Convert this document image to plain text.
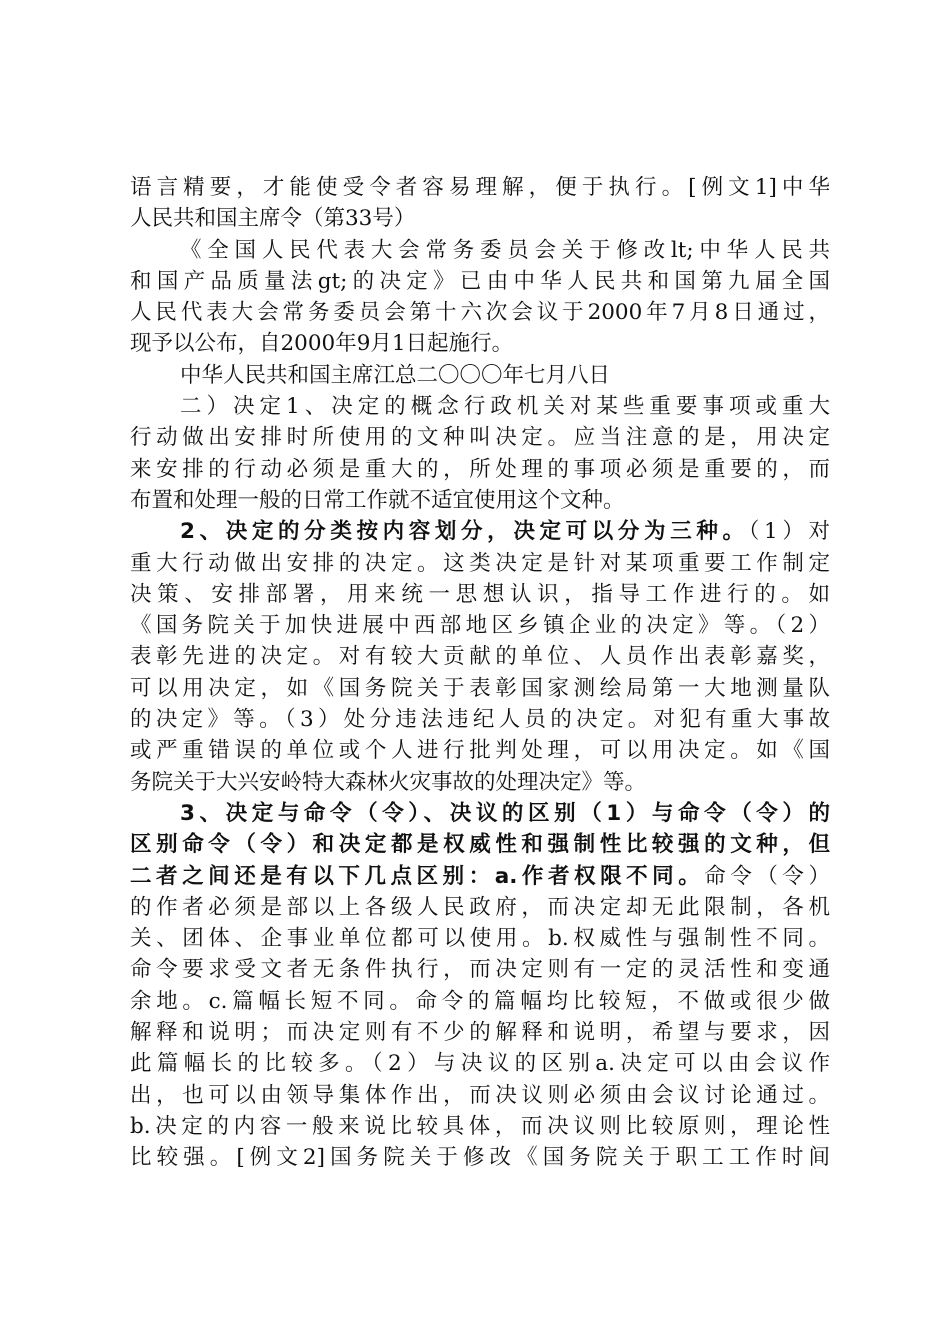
语言精要，才能使受令者容易理解，便于执行。[例文1]中华
人民共和国主席令（第33号）
《全国人民代表大会常务委员会关于修改lt;中华人民共
和国产品质量法gt;的决定》已由中华人民共和国第九届全国
人民代表大会常务委员会第十六次会议于2000年7月8日通过，
现予以公布，自2000年9月1日起施行。
中华人民共和国主席江总二〇〇〇年七月八日
二）决定1、决定的概念行政机关对某些重要事项或重大
行动做出安排时所使用的文种叫决定。应当注意的是，用决定
来安排的行动必须是重大的，所处理的事项必须是重要的，而
布置和处理一般的日常工作就不适宜使用这个文种。
2、决定的分类按内容划分，决定可以分为三种。（1）对
重大行动做出安排的决定。这类决定是针对某项重要工作制定
决策、安排部署，用来统一思想认识，指导工作进行的。如
《国务院关于加快进展中西部地区乡镇企业的决定》等。（2）
表彰先进的决定。对有较大贡献的单位、人员作出表彰嘉奖，
可以用决定，如《国务院关于表彰国家测绘局第一大地测量队
的决定》等。（3）处分违法违纪人员的决定。对犯有重大事故
或严重错误的单位或个人进行批判处理，可以用决定。如《国
务院关于大兴安岭特大森林火灾事故的处理决定》等。
3、决定与命令（令）、决议的区别（1）与命令（令）的
区别命令（令）和决定都是权威性和强制性比较强的文种，但
二者之间还是有以下几点区别：a.作者权限不同。命令（令）
的作者必须是部以上各级人民政府，而决定却无此限制，各机
关、团体、企事业单位都可以使用。b.权威性与强制性不同。
命令要求受文者无条件执行，而决定则有一定的灵活性和变通
余地。c.篇幅长短不同。命令的篇幅均比较短，不做或很少做
解释和说明；而决定则有不少的解释和说明，希望与要求，因
此篇幅长的比较多。（2）与决议的区别a.决定可以由会议作
出，也可以由领导集体作出，而决议则必须由会议讨论通过。
b.决定的内容一般来说比较具体，而决议则比较原则，理论性
比较强。[例文2]国务院关于修改《国务院关于职工工作时间
